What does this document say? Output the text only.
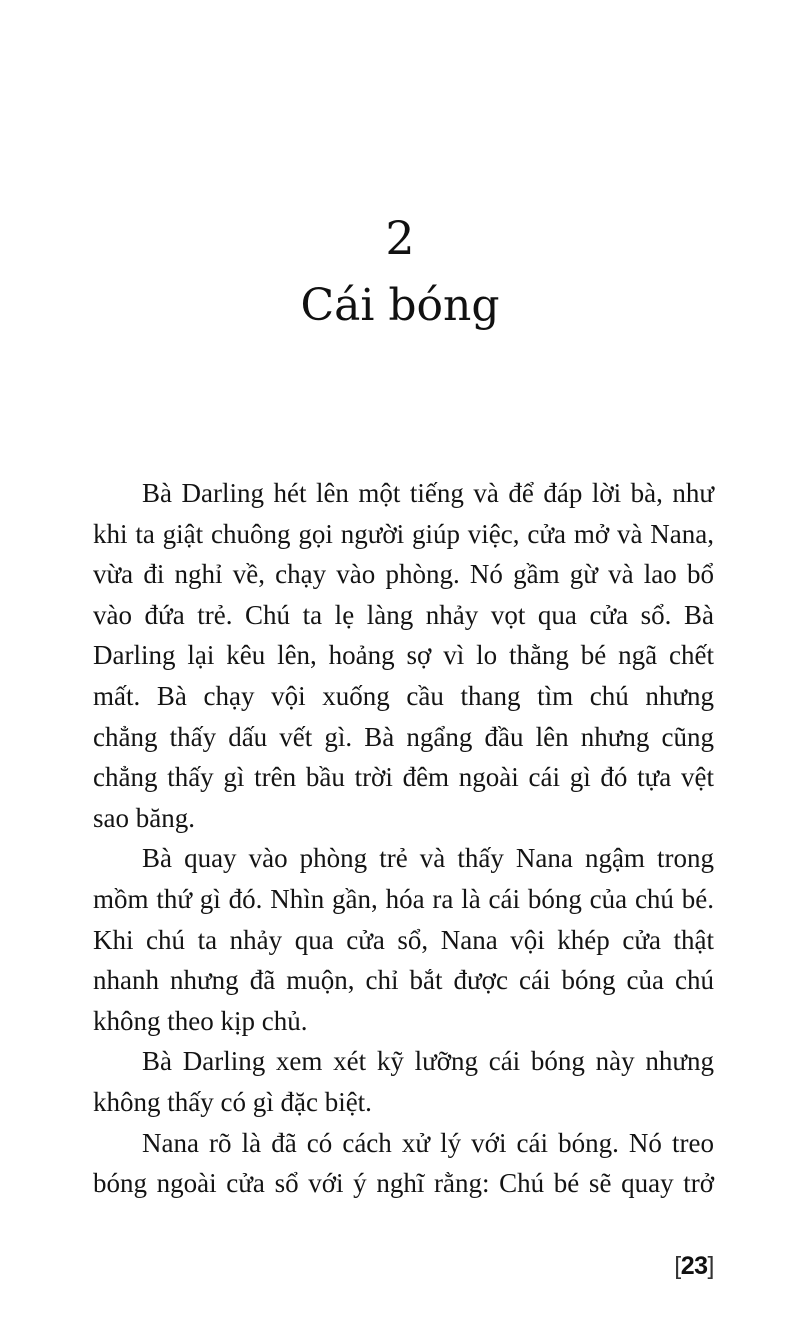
2
Cái bóng
Bà Darling hét lên một tiếng và để đáp lời bà, như
khi ta giật chuông gọi người giúp việc, cửa mở và Nana,
vừa đi nghỉ về, chạy vào phòng. Nó gầm gừ và lao bổ
vào đứa trẻ. Chú ta lẹ làng nhảy vọt qua cửa sổ. Bà
Darling lại kêu lên, hoảng sợ vì lo thằng bé ngã chết
mất. Bà chạy vội xuống cầu thang tìm chú nhưng
chẳng thấy dấu vết gì. Bà ngẩng đầu lên nhưng cũng
chẳng thấy gì trên bầu trời đêm ngoài cái gì đó tựa vệt
sao băng.
Bà quay vào phòng trẻ và thấy Nana ngậm trong
mồm thứ gì đó. Nhìn gần, hóa ra là cái bóng của chú bé.
Khi chú ta nhảy qua cửa sổ, Nana vội khép cửa thật
nhanh nhưng đã muộn, chỉ bắt được cái bóng của chú
không theo kịp chủ.
Bà Darling xem xét kỹ lưỡng cái bóng này nhưng
không thấy có gì đặc biệt.
Nana rõ là đã có cách xử lý với cái bóng. Nó treo
bóng ngoài cửa sổ với ý nghĩ rằng: Chú bé sẽ quay trở
[23]
